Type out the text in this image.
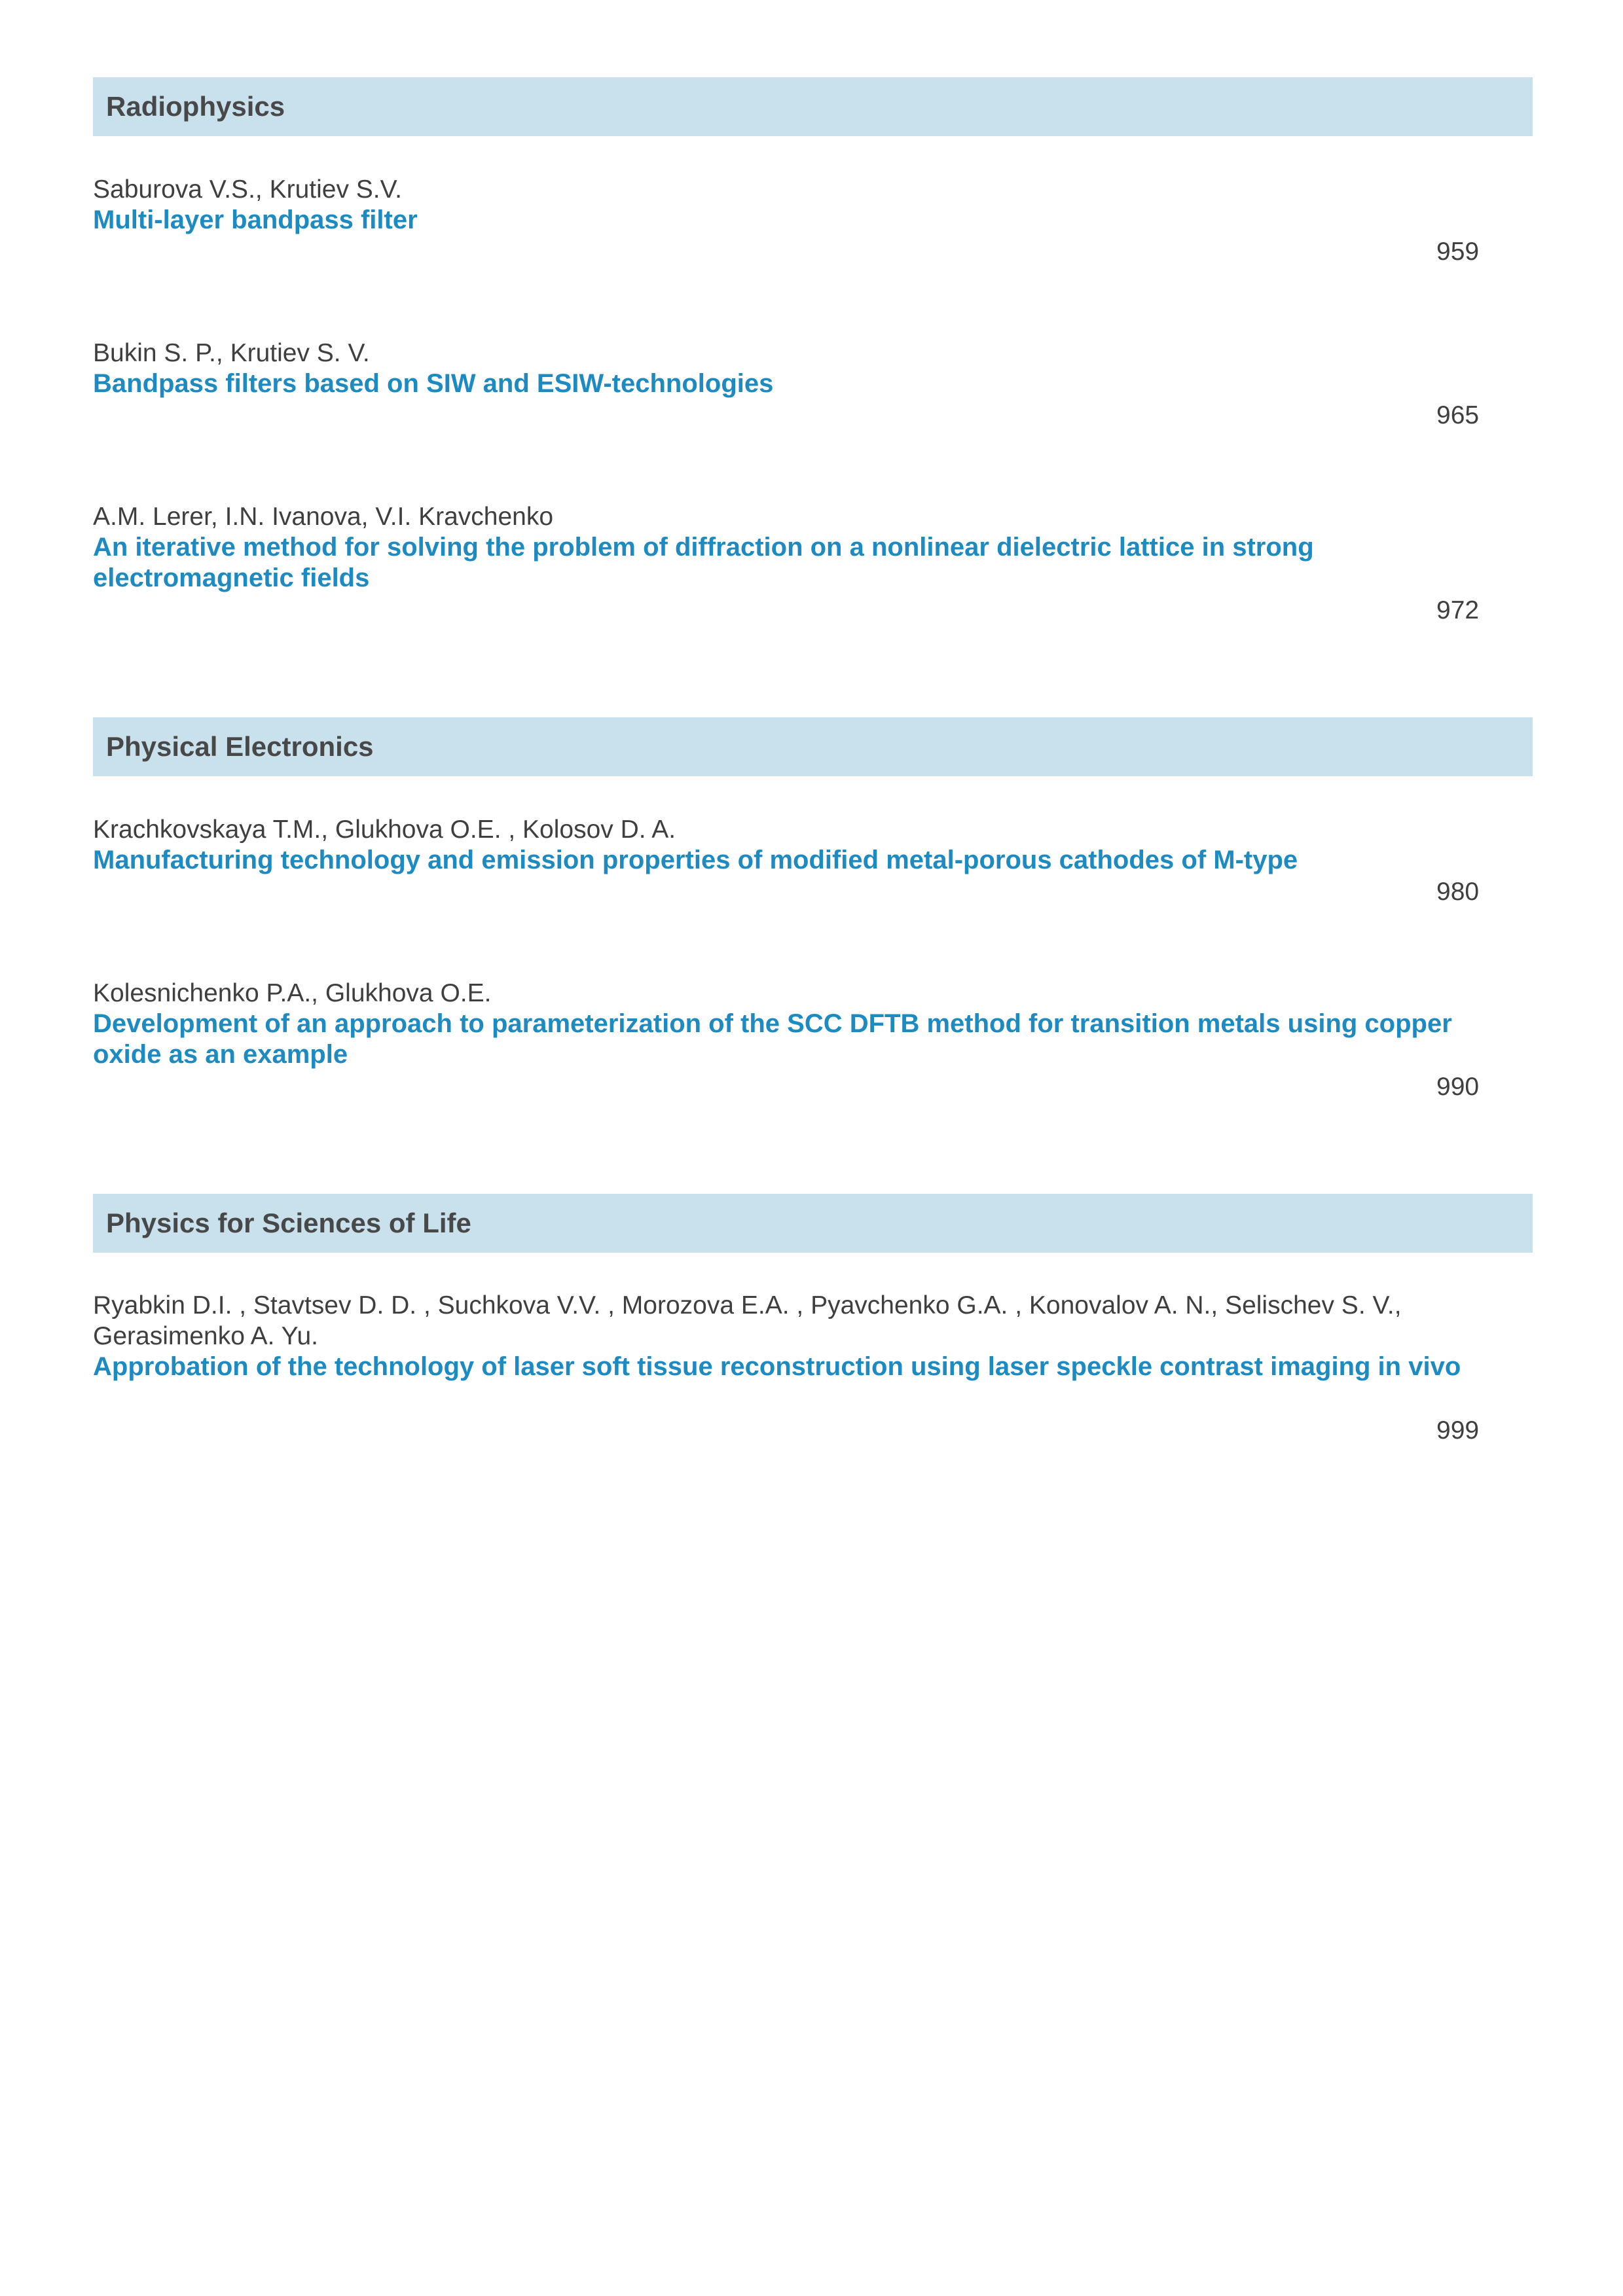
Radiophysics
Saburova V.S., Krutiev S.V.
Multi-layer bandpass filter
959
Bukin S. P., Krutiev S. V.
Bandpass filters based on SIW and ESIW-technologies
965
A.M. Lerer, I.N. Ivanova, V.I. Kravchenko
An iterative method for solving the problem of diffraction on a nonlinear dielectric lattice in strong electromagnetic fields
972
Physical Electronics
Krachkovskaya T.M., Glukhova O.E. , Kolosov D. A.
Manufacturing technology and emission properties of modified metal-porous cathodes of M-type
980
Kolesnichenko P.A., Glukhova O.E.
Development of an approach to parameterization of the SCC DFTB method for transition metals using copper oxide as an example
990
Physics for Sciences of Life
Ryabkin D.I. , Stavtsev D. D. , Suchkova V.V. , Morozova E.A. , Pyavchenko G.A. , Konovalov A. N., Selischev S. V., Gerasimenko A. Yu.
Approbation of the technology of laser soft tissue reconstruction using laser speckle contrast imaging in vivo
999
